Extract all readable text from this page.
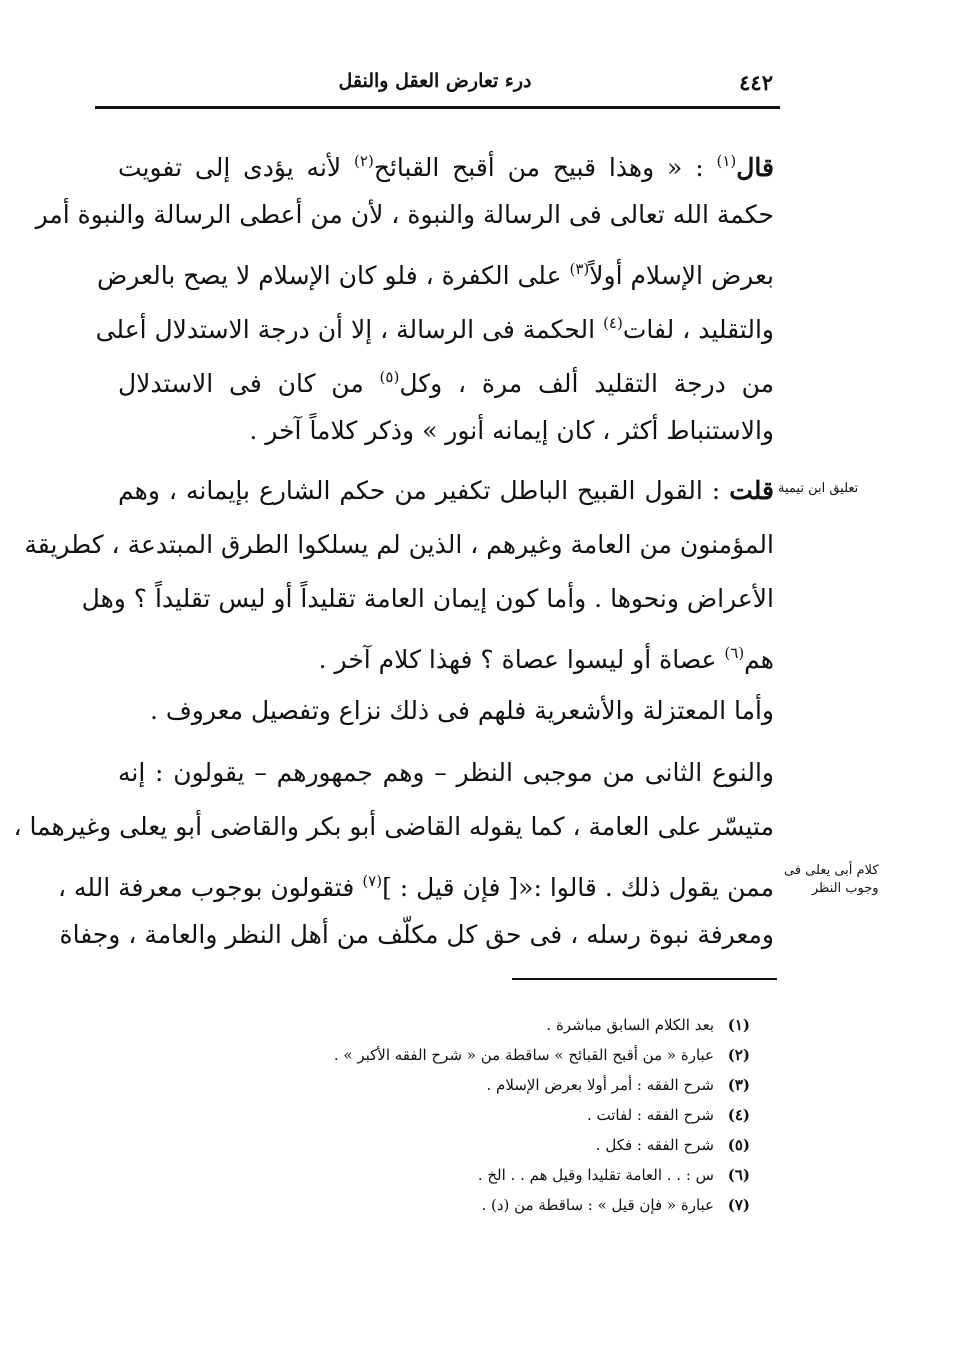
٤٤٢
درء تعارض العقل والنقل
قال$^{(١)}$ : « وهذا قبيح من أقبح القبائح$^{(٢)}$ لأنه يؤدى إلى تفويت
حكمة الله تعالى فى الرسالة والنبوة ، لأن من أعطى الرسالة والنبوة أمر
بعرض الإسلام أولاً$^{(٣)}$ على الكفرة ، فلو كان الإسلام لا يصح بالعرض
والتقليد ، لفات$^{(٤)}$ الحكمة فى الرسالة ، إلا أن درجة الاستدلال أعلى
من درجة التقليد ألف مرة ، وكل$^{(٥)}$ من كان فى الاستدلال
والاستنباط أكثر ، كان إيمانه أنور » وذكر كلاماً آخر .
تعليق ابن تيمية
قلت : القول القبيح الباطل تكفير من حكم الشارع بإيمانه ، وهم
المؤمنون من العامة وغيرهم ، الذين لم يسلكوا الطرق المبتدعة ، كطريقة
الأعراض ونحوها . وأما كون إيمان العامة تقليداً أو ليس تقليداً ؟ وهل
هم$^{(٦)}$ عصاة أو ليسوا عصاة ؟ فهذا كلام آخر .
وأما المعتزلة والأشعرية فلهم فى ذلك نزاع وتفصيل معروف .
كلام أبى يعلى فى
وجوب النظر
والنوع الثانى من موجبى النظر – وهم جمهورهم – يقولون : إنه
متيسّر على العامة ، كما يقوله القاضى أبو بكر والقاضى أبو يعلى وغيرهما ،
ممن يقول ذلك . قالوا :«[ فإن قيل : ]$^{(٧)}$ فتقولون بوجوب معرفة الله ،
ومعرفة نبوة رسله ، فى حق كل مكلّف من أهل النظر والعامة ، وجفاة
(١)بعد الكلام السابق مباشرة .
(٢)عبارة « من أقبح القبائح » ساقطة من « شرح الفقه الأكبر » .
(٣)شرح الفقه : أمر أولا بعرض الإسلام .
(٤)شرح الفقه : لفاتت .
(٥)شرح الفقه : فكل .
(٦)س : . . العامة تقليدا وقيل هم . . الخ .
(٧)عبارة « فإن قيل » : ساقطة من (د) .
